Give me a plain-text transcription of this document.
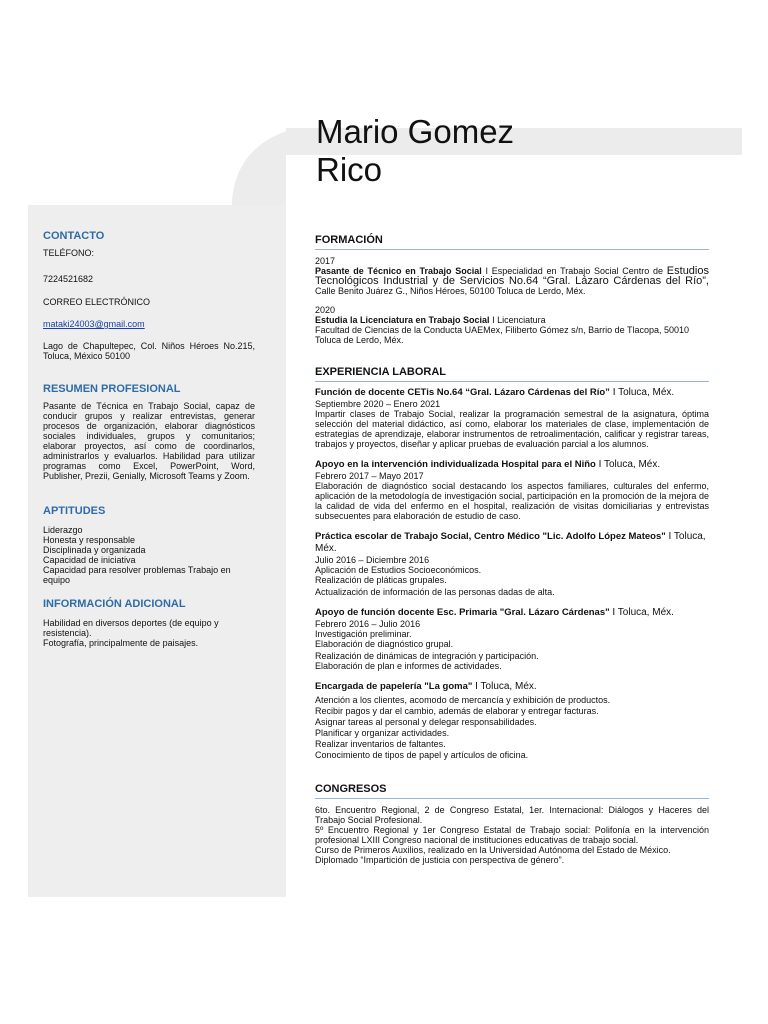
Mario Gomez
Rico
CONTACTO

TELÉFONO:

7224521682

CORREO ELECTRÓNICO

mataki24003@gmail.com

Lago de Chapultepec, Col. Niños Héroes No.215, Toluca, México 50100

RESUMEN PROFESIONAL

Pasante de Técnica en Trabajo Social, capaz de conducir grupos y realizar entrevistas, generar procesos de organización, elaborar diagnósticos sociales individuales, grupos y comunitarios; elaborar proyectos, así como de coordinarlos, administrarlos y evaluarlos. Habilidad para utilizar programas como Excel, PowerPoint, Word, Publisher, Prezii, Genially, Microsoft Teams y Zoom.

APTITUDES

Liderazgo

Honesta y responsable

Disciplinada y organizada

Capacidad de iniciativa

Capacidad para resolver problemas Trabajo en equipo

INFORMACIÓN ADICIONAL

Habilidad en diversos deportes (de equipo y resistencia).

Fotografía, principalmente de paisajes.

FORMACIÓN

2017

Pasante de Técnico en Trabajo Social I Especialidad en Trabajo Social Centro de Estudios Tecnológicos Industrial y de Servicios No.64 “Gral. Lázaro Cárdenas del Río”, Calle Benito Juárez G., Niños Héroes, 50100 Toluca de Lerdo, Méx.

2020

Estudia la Licenciatura en Trabajo Social I Licenciatura

Facultad de Ciencias de la Conducta UAEMex, Filiberto Gómez s/n, Barrio de Tlacopa, 50010 Toluca de Lerdo, Méx.

EXPERIENCIA LABORAL

Función de docente CETis No.64 “Gral. Lázaro Cárdenas del Río” I Toluca, Méx.

Septiembre 2020 – Enero 2021

Impartir clases de Trabajo Social, realizar la programación semestral de la asignatura, óptima selección del material didáctico, así como, elaborar los materiales de clase, implementación de estrategias de aprendizaje, elaborar instrumentos de retroalimentación, calificar y registrar tareas, trabajos y proyectos, diseñar y aplicar pruebas de evaluación parcial a los alumnos.

Apoyo en la intervención individualizada Hospital para el Niño I Toluca, Méx.

Febrero 2017 – Mayo 2017

Elaboración de diagnóstico social destacando los aspectos familiares, culturales del enfermo, aplicación de la metodología de investigación social, participación en la promoción de la mejora de la calidad de vida del enfermo en el hospital, realización de visitas domiciliarias y entrevistas subsecuentes para elaboración de estudio de caso.

Práctica escolar de Trabajo Social, Centro Médico "Lic. Adolfo López Mateos" I Toluca, Méx.

Julio 2016 – Diciembre 2016

Aplicación de Estudios Socioeconómicos.

Realización de pláticas grupales.

Actualización de información de las personas dadas de alta.

Apoyo de función docente Esc. Primaria "Gral. Lázaro Cárdenas" I Toluca, Méx.

Febrero 2016 – Julio 2016

Investigación preliminar.

Elaboración de diagnóstico grupal.

Realización de dinámicas de integración y participación.

Elaboración de plan e informes de actividades.

Encargada de papelería "La goma" I Toluca, Méx.

Atención a los clientes, acomodo de mercancía y exhibición de productos.

Recibir pagos y dar el cambio, además de elaborar y entregar facturas.

Asignar tareas al personal y delegar responsabilidades.

Planificar y organizar actividades.

Realizar inventarios de faltantes.

Conocimiento de tipos de papel y artículos de oficina.

CONGRESOS

6to. Encuentro Regional, 2 de Congreso Estatal, 1er. Internacional: Diálogos y Haceres del Trabajo Social Profesional.

5º Encuentro Regional y 1er Congreso Estatal de Trabajo social: Polifonía en la intervención profesional LXIII Congreso nacional de instituciones educativas de trabajo social.

Curso de Primeros Auxilios, realizado en la Universidad Autónoma del Estado de México.

Diplomado “Impartición de justicia con perspectiva de género”.
